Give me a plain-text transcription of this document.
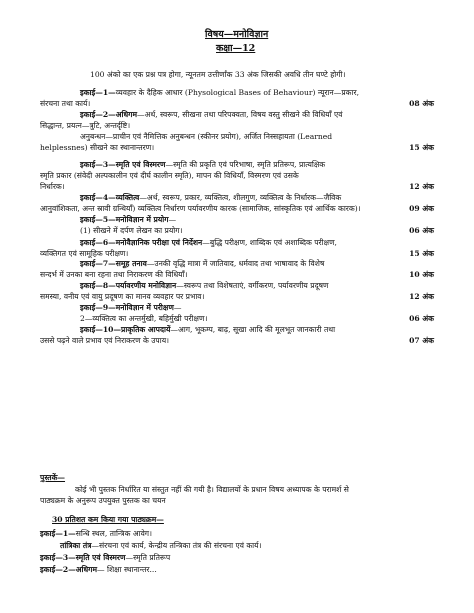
विषय—मनोविज्ञान
कक्षा—12
100 अंको का एक प्रश्न पत्र होगा, न्यूनतम उत्तीर्णांक 33 अंक जिसकी अवधि तीन घण्टे होगी।
इकाई—1—व्यवहार के दैहिक आधार (Physological Bases of Behaviour) न्यूरान—प्रकार,
संरचना तथा कार्य।	08 अंक
इकाई—2—अधिगम—अर्थ, स्वरूप, सीखना तथा परिपक्वता, विषय वस्तु सीखने की विधियाँ एवं
सिद्धान्त, प्रयत्न—त्रुटि, अन्तर्दृष्टि।
अनुबन्धन—प्राचीन एवं नैमित्तिक अनुबन्धन (स्कीनर प्रयोग), अर्जित निस्सहायता (Learned
helplessnes) सीखने का स्थानान्तरण।	15 अंक
इकाई—3—स्मृति एवं विस्मरण—स्मृति की प्रकृति एवं परिभाषा, स्मृति प्रतिरूप, प्रात्यक्षिक
स्मृति प्रकार (संवेदी अल्पकालीन एवं दीर्घ कालीन स्मृति), मापन की विधियाँ, विस्मरण एवं उसके
निर्धारक।	12 अंक
इकाई—4—व्यक्तित्व—अर्थ, स्वरूप, प्रकार, व्यक्तित्व, शीलगुण, व्यक्तित्व के निर्धारक—जैविक
आनुवांशिकता, अन्त स्रावी ग्रन्थियाँ) व्यक्तित्व निर्धारण पर्यावरणीय कारक (सामाजिक, सांस्कृतिक एवं आर्थिक कारक)।	09 अंक
इकाई—5—मनोविज्ञान में प्रयोग—
(1) सीखने में दर्पण लेखन का प्रयोग।	06 अंक
इकाई—6—मनोवैज्ञानिक परीक्षा एवं निर्देशन—बुद्धि परीक्षण, शाब्दिक एवं अशाब्दिक परीक्षण,
व्यक्तिगत एवं सामूहिक परीक्षण।	15 अंक
इकाई—7—समूह तनाव—उनकी वृद्धि मात्रा में जातिवाद, धर्मवाद तथा भाषावाद के विशेष
सन्दर्भ में उनका बना रहना तथा निराकरण की विधियाँ।	10 अंक
इकाई—8—पर्यावरणीय मनोविज्ञान—स्वरूप तथा विशेषताएं, वर्गीकरण, पर्यावरणीय प्रदूषण
समस्या, वनीय एवं वायु प्रदूषण का मानव व्यवहार पर प्रभाव।	12 अंक
इकाई—9—मनोविज्ञान में परीक्षण—
2—व्यक्तित्व का अन्तर्मुखी, बहिर्मुखी परीक्षण।	06 अंक
इकाई—10—प्राकृतिक आपदायें—आग, भूकम्प, बाढ़, सूखा आदि की मूलभूत जानकारी तथा
उससे पढ़ने वाले प्रभाव एवं निराकरण के उपाय।	07 अंक
पुस्तकें—
कोई भी पुस्तक निर्धारित या संस्तुत नहीं की गयी है। विद्यालयों के प्रधान विषय अध्यापक के परामर्श से
पाठ्यक्रम के अनुरूप उपयुक्त पुस्तक का चयन
30 प्रतिशत कम किया गया पाठ्यक्रम—
इकाई—1—सन्धि स्थल, तान्त्रिक आवेग।
तांत्रिका तंत्र—संरचना एवं कार्य, केन्द्रीय तन्त्रिका तंत्र की संरचना एवं कार्य।
इकाई—3—स्मृति एवं विस्मरण—स्मृति प्रतिरूप
इकाई—2—अधिगम— शिक्षा स्थानान्तर...
